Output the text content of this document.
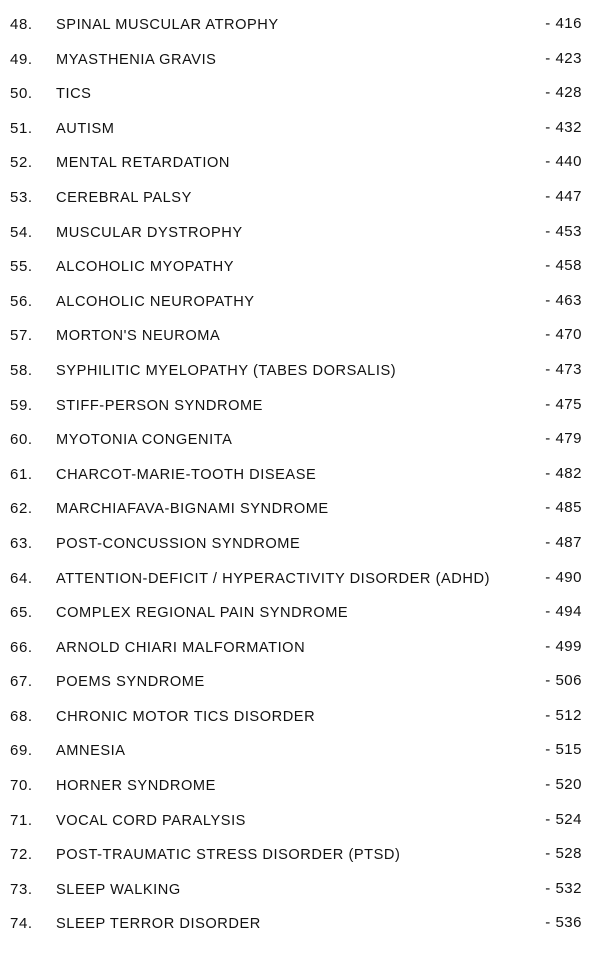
48. SPINAL MUSCULAR ATROPHY	- 416
49. MYASTHENIA GRAVIS	- 423
50. TICS	- 428
51. AUTISM	- 432
52. MENTAL RETARDATION	- 440
53. CEREBRAL PALSY	- 447
54. MUSCULAR DYSTROPHY	- 453
55. ALCOHOLIC MYOPATHY	- 458
56. ALCOHOLIC NEUROPATHY	- 463
57. MORTON'S NEUROMA	- 470
58. SYPHILITIC MYELOPATHY (TABES DORSALIS)	- 473
59. STIFF-PERSON SYNDROME	- 475
60. MYOTONIA CONGENITA	- 479
61. CHARCOT-MARIE-TOOTH DISEASE	- 482
62. MARCHIAFAVA-BIGNAMI SYNDROME	- 485
63. POST-CONCUSSION SYNDROME	- 487
64. ATTENTION-DEFICIT / HYPERACTIVITY DISORDER (ADHD)	- 490
65. COMPLEX REGIONAL PAIN SYNDROME	- 494
66. ARNOLD CHIARI MALFORMATION	- 499
67. POEMS SYNDROME	- 506
68. CHRONIC MOTOR TICS DISORDER	- 512
69. AMNESIA	- 515
70. HORNER SYNDROME	- 520
71. VOCAL CORD PARALYSIS	- 524
72. POST-TRAUMATIC STRESS DISORDER (PTSD)	- 528
73. SLEEP WALKING	- 532
74. SLEEP TERROR DISORDER	- 536
